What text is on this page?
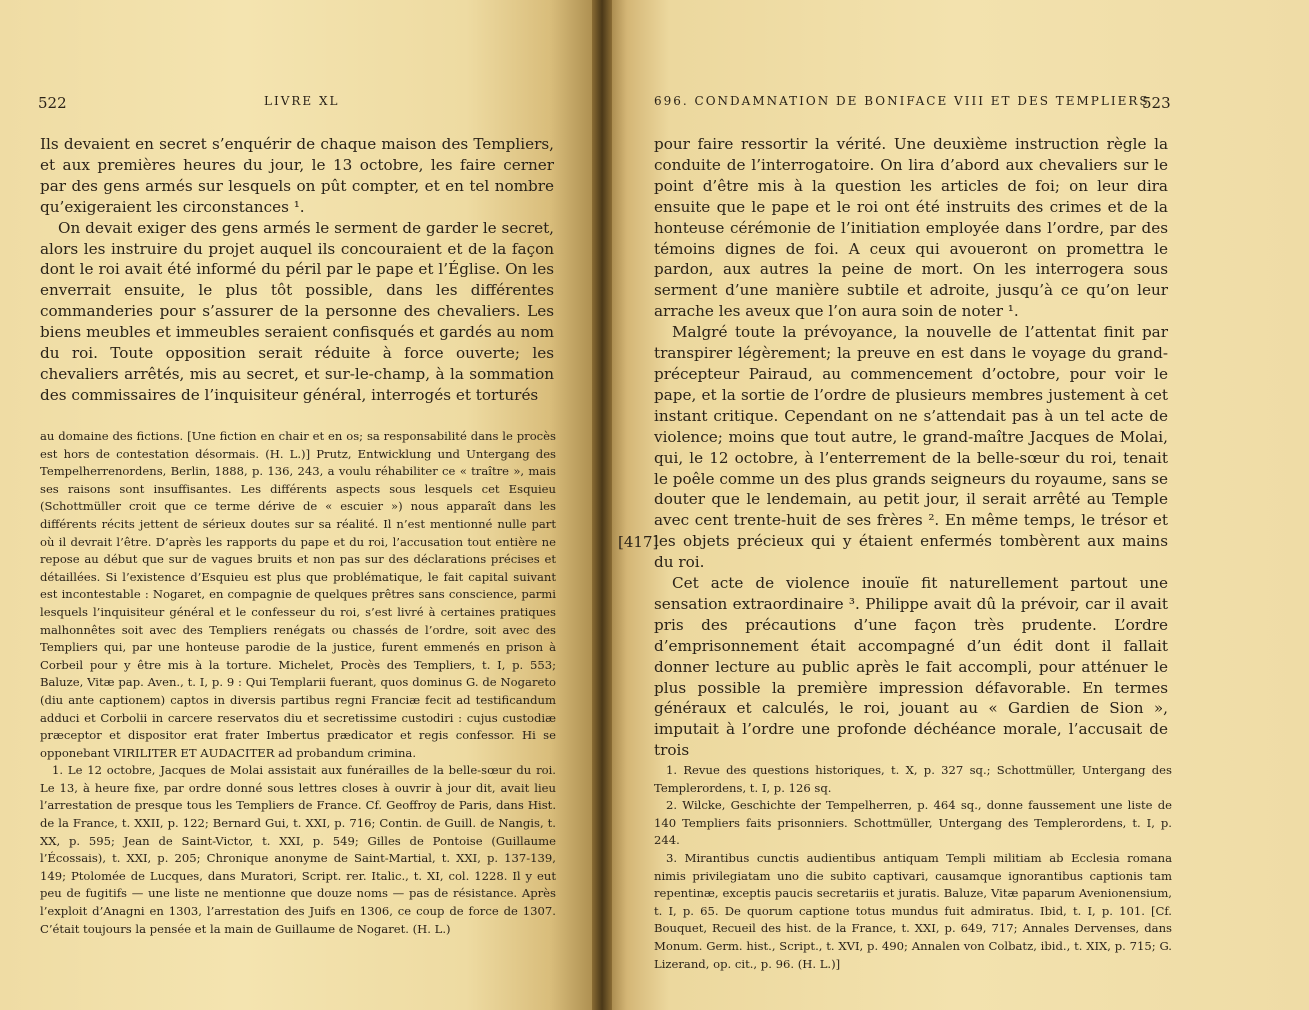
522	LIVRE XL

Ils devaient en secret s’enquérir de chaque maison des Templiers, et aux premières heures du jour, le 13 octobre, les faire cerner par des gens armés sur lesquels on pût compter, et en tel nombre qu’exigeraient les circonstances ¹.

On devait exiger des gens armés le serment de garder le secret, alors les instruire du projet auquel ils concouraient et de la façon dont le roi avait été informé du péril par le pape et l’Église. On les enverrait ensuite, le plus tôt possible, dans les différentes commanderies pour s’assurer de la personne des chevaliers. Les biens meubles et immeubles seraient confisqués et gardés au nom du roi. Toute opposition serait réduite à force ouverte; les chevaliers arrêtés, mis au secret, et sur-le-champ, à la sommation des commissaires de l’inquisiteur général, interrogés et torturés

au domaine des fictions. [Une fiction en chair et en os; sa responsabilité dans le procès est hors de contestation désormais. (H. L.)] Prutz, Entwicklung und Untergang des Tempelherrenordens, Berlin, 1888, p. 136, 243, a voulu réhabiliter ce « traître », mais ses raisons sont insuffisantes. Les différents aspects sous lesquels cet Esquieu (Schottmüller croit que ce terme dérive de « escuier ») nous apparaît dans les différents récits jettent de sérieux doutes sur sa réalité. Il n’est mentionné nulle part où il devrait l’être. D’après les rapports du pape et du roi, l’accusation tout entière ne repose au début que sur de vagues bruits et non pas sur des déclarations précises et détaillées. Si l’existence d’Esquieu est plus que problématique, le fait capital suivant est incontestable : Nogaret, en compagnie de quelques prêtres sans conscience, parmi lesquels l’inquisiteur général et le confesseur du roi, s’est livré à certaines pratiques malhonnêtes soit avec des Templiers renégats ou chassés de l’ordre, soit avec des Templiers qui, par une honteuse parodie de la justice, furent emmenés en prison à Corbeil pour y être mis à la torture. Michelet, Procès des Templiers, t. I, p. 553; Baluze, Vitæ pap. Aven., t. I, p. 9 : Qui Templarii fuerant, quos dominus G. de Nogareto (diu ante captionem) captos in diversis partibus regni Franciæ fecit ad testificandum adduci et Corbolii in carcere reservatos diu et secretissime custodiri : cujus custodiæ præceptor et dispositor erat frater Imbertus prædicator et regis confessor. Hi se opponebant VIRILITER ET AUDACITER ad probandum crimina.

1. Le 12 octobre, Jacques de Molai assistait aux funérailles de la belle-sœur du roi. Le 13, à heure fixe, par ordre donné sous lettres closes à ouvrir à jour dit, avait lieu l’arrestation de presque tous les Templiers de France. Cf. Geoffroy de Paris, dans Hist. de la France, t. XXII, p. 122; Bernard Gui, t. XXI, p. 716; Contin. de Guill. de Nangis, t. XX, p. 595; Jean de Saint-Victor, t. XXI, p. 549; Gilles de Pontoise (Guillaume l’Écossais), t. XXI, p. 205; Chronique anonyme de Saint-Martial, t. XXI, p. 137-139, 149; Ptolomée de Lucques, dans Muratori, Script. rer. Italic., t. XI, col. 1228. Il y eut peu de fugitifs — une liste ne mentionne que douze noms — pas de résistance. Après l’exploit d’Anagni en 1303, l’arrestation des Juifs en 1306, ce coup de force de 1307. C’était toujours la pensée et la main de Guillaume de Nogaret. (H. L.)

696. CONDAMNATION DE BONIFACE VIII ET DES TEMPLIERS
523
[417]

pour faire ressortir la vérité. Une deuxième instruction règle la conduite de l’interrogatoire. On lira d’abord aux chevaliers sur le point d’être mis à la question les articles de foi; on leur dira ensuite que le pape et le roi ont été instruits des crimes et de la honteuse cérémonie de l’initiation employée dans l’ordre, par des témoins dignes de foi. A ceux qui avoueront on promettra le pardon, aux autres la peine de mort. On les interrogera sous serment d’une manière subtile et adroite, jusqu’à ce qu’on leur arrache les aveux que l’on aura soin de noter ¹.

Malgré toute la prévoyance, la nouvelle de l’attentat finit par transpirer légèrement; la preuve en est dans le voyage du grand-précepteur Pairaud, au commencement d’octobre, pour voir le pape, et la sortie de l’ordre de plusieurs membres justement à cet instant critique. Cependant on ne s’attendait pas à un tel acte de violence; moins que tout autre, le grand-maître Jacques de Molai, qui, le 12 octobre, à l’enterrement de la belle-sœur du roi, tenait le poêle comme un des plus grands seigneurs du royaume, sans se douter que le lendemain, au petit jour, il serait arrêté au Temple avec cent trente-huit de ses frères ². En même temps, le trésor et les objets précieux qui y étaient enfermés tombèrent aux mains du roi.

Cet acte de violence inouïe fit naturellement partout une sensation extraordinaire ³. Philippe avait dû la prévoir, car il avait pris des précautions d’une façon très prudente. L’ordre d’emprisonnement était accompagné d’un édit dont il fallait donner lecture au public après le fait accompli, pour atténuer le plus possible la première impression défavorable. En termes généraux et calculés, le roi, jouant au « Gardien de Sion », imputait à l’ordre une profonde déchéance morale, l’accusait de trois

1. Revue des questions historiques, t. X, p. 327 sq.; Schottmüller, Untergang des Templerordens, t. I, p. 126 sq.

2. Wilcke, Geschichte der Tempelherren, p. 464 sq., donne faussement une liste de 140 Templiers faits prisonniers. Schottmüller, Untergang des Templerordens, t. I, p. 244.

3. Mirantibus cunctis audientibus antiquam Templi militiam ab Ecclesia romana nimis privilegiatam uno die subito captivari, causamque ignorantibus captionis tam repentinæ, exceptis paucis secretariis et juratis. Baluze, Vitæ paparum Avenionensium, t. I, p. 65. De quorum captione totus mundus fuit admiratus. Ibid, t. I, p. 101. [Cf. Bouquet, Recueil des hist. de la France, t. XXI, p. 649, 717; Annales Dervenses, dans Monum. Germ. hist., Script., t. XVI, p. 490; Annalen von Colbatz, ibid., t. XIX, p. 715; G. Lizerand, op. cit., p. 96. (H. L.)]
